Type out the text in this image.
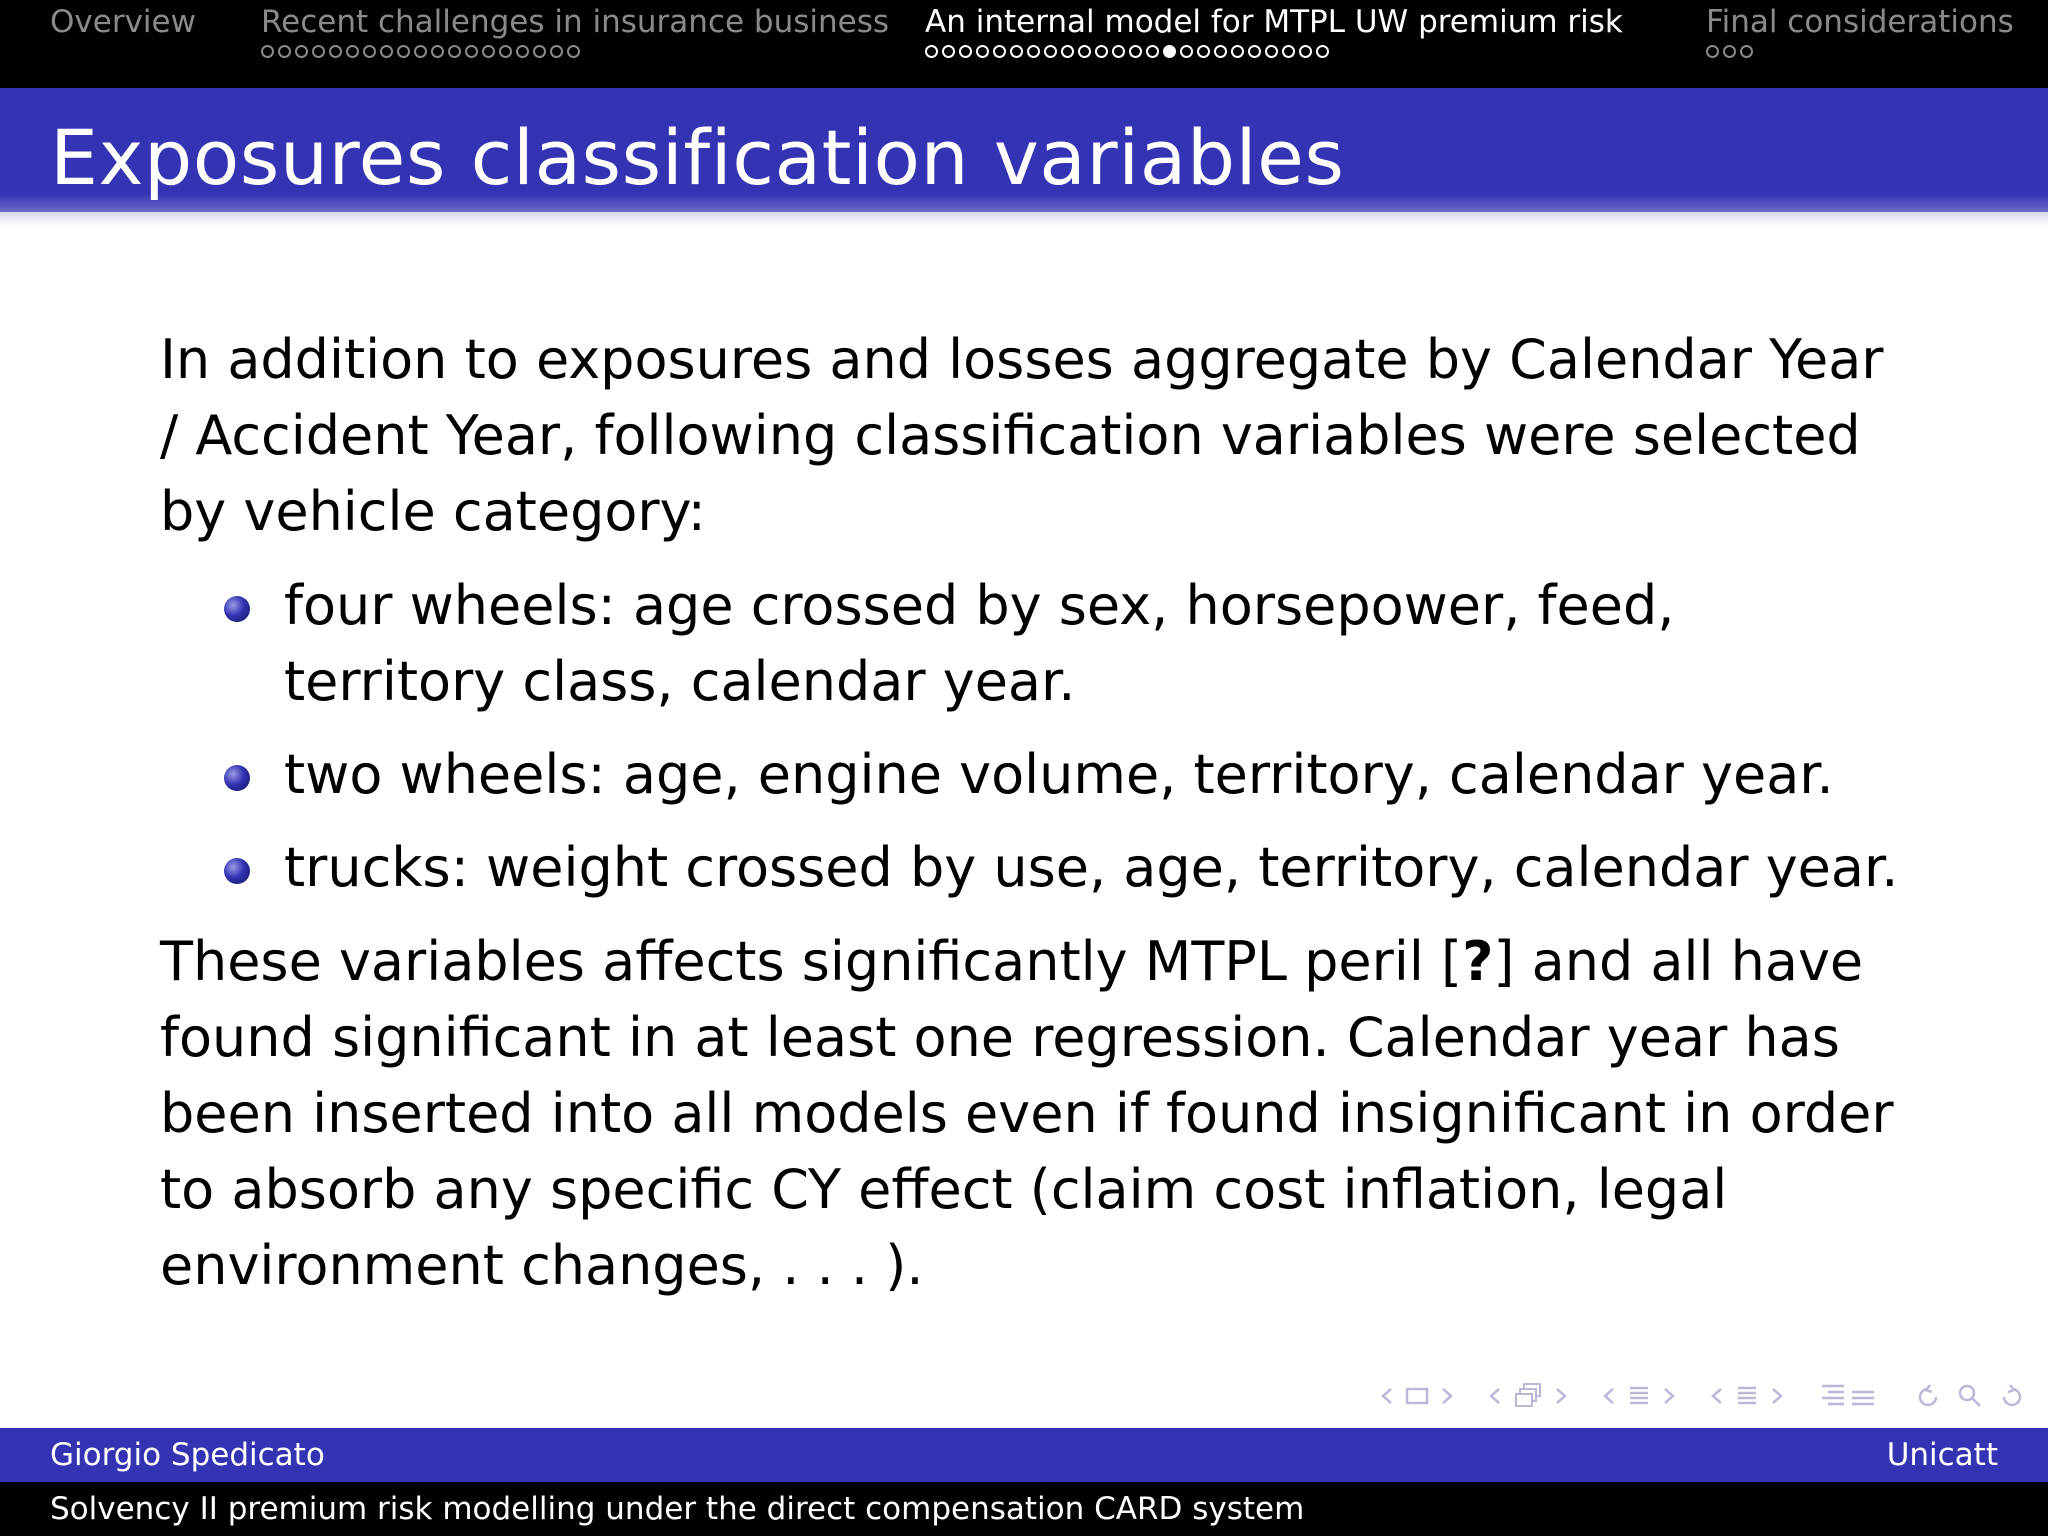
Overview Recent challenges in insurance business An internal model for MTPL UW premium risk	Final considerations
Exposures classification variables

In addition to exposures and losses aggregate by Calendar Year / Accident Year, following classification variables were selected by vehicle category:

four wheels: age crossed by sex, horsepower, feed, territory class, calendar year.
two wheels: age, engine volume, territory, calendar year.
trucks: weight crossed by use, age, territory, calendar year.

These variables affects significantly MTPL peril [?] and all have found significant in at least one regression. Calendar year has been inserted into all models even if found insignificant in order to absorb any specific CY effect (claim cost inflation, legal environment changes, . . . ).

Giorgio Spedicato	Unicatt
Solvency II premium risk modelling under the direct compensation CARD system
